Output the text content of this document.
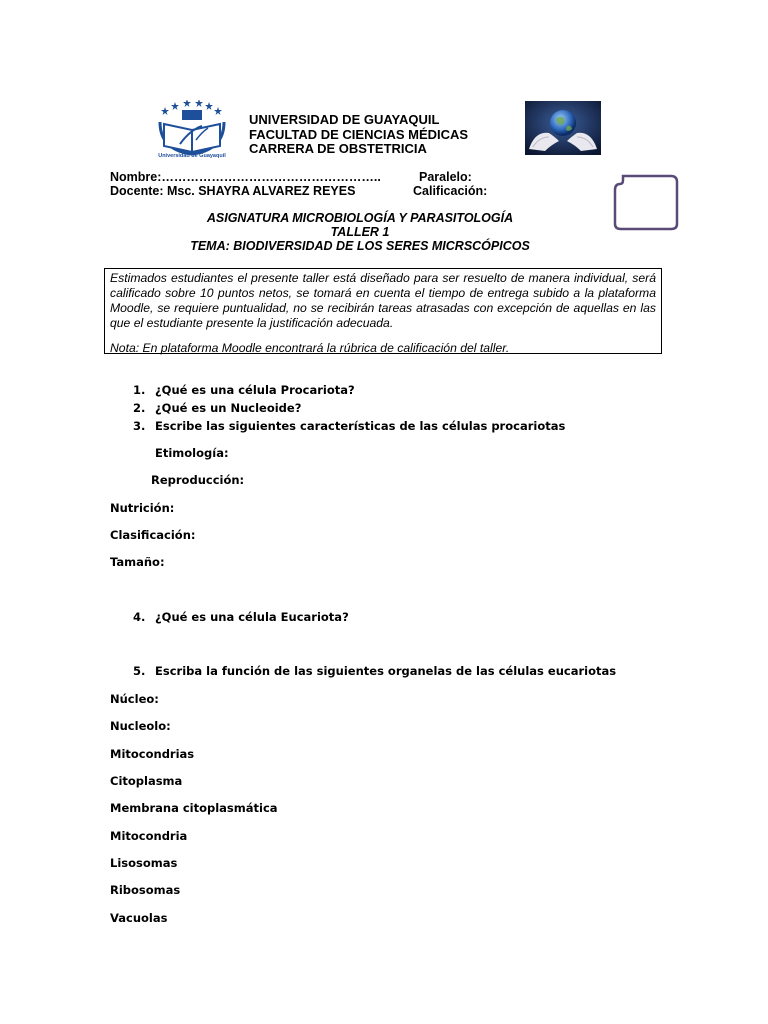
Universidad de Guayaquil
UNIVERSIDAD DE GUAYAQUIL
FACULTAD DE CIENCIAS MÉDICAS
CARRERA DE OBSTETRICIA
Nombre:……………………………………………..	Paralelo:
Docente: Msc. SHAYRA ALVAREZ REYES	Calificación:
ASIGNATURA MICROBIOLOGÍA Y PARASITOLOGÍA
TALLER 1
TEMA: BIODIVERSIDAD DE LOS SERES MICRSCÓPICOS

Estimados estudiantes el presente taller está diseñado para ser resuelto de manera individual, será calificado sobre 10 puntos netos, se tomará en cuenta el tiempo de entrega subido a la plataforma Moodle, se requiere puntualidad, no se recibirán tareas atrasadas con excepción de aquellas en las que el estudiante presente la justificación adecuada.

Nota: En plataforma Moodle encontrará la rúbrica de calificación del taller.

1. ¿Qué es una célula Procariota?
2. ¿Qué es un Nucleoide?
3. Escribe las siguientes características de las células procariotas
Etimología:
Reproducción:
Nutrición:
Clasificación:
Tamaño:
4. ¿Qué es una célula Eucariota?
5. Escriba la función de las siguientes organelas de las células eucariotas
Núcleo:
Nucleolo:
Mitocondrias
Citoplasma
Membrana citoplasmática
Mitocondria
Lisosomas
Ribosomas
Vacuolas
